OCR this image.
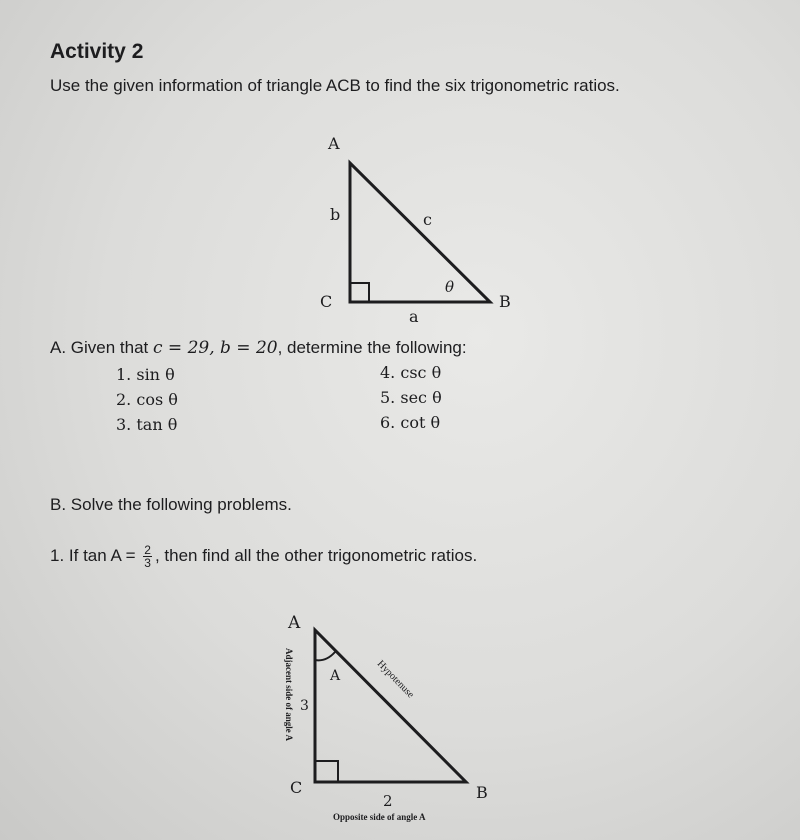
Activity 2
Use the given information of triangle ACB to find the six trigonometric ratios.
A
B
C
b	c
a
θ
A. Given that c = 29, b = 20, determine the following:
1. sin θ
2. cos θ
3. tan θ
4. csc θ
5. sec θ
6. cot θ
B. Solve the following problems.
1. If $\tan A = \frac{2}{3}$ , then find all the other trigonometric ratios.
A
B
C
A
3
2
Opposite side of angle A
Adjacent side of angle A	Hypotenuse
